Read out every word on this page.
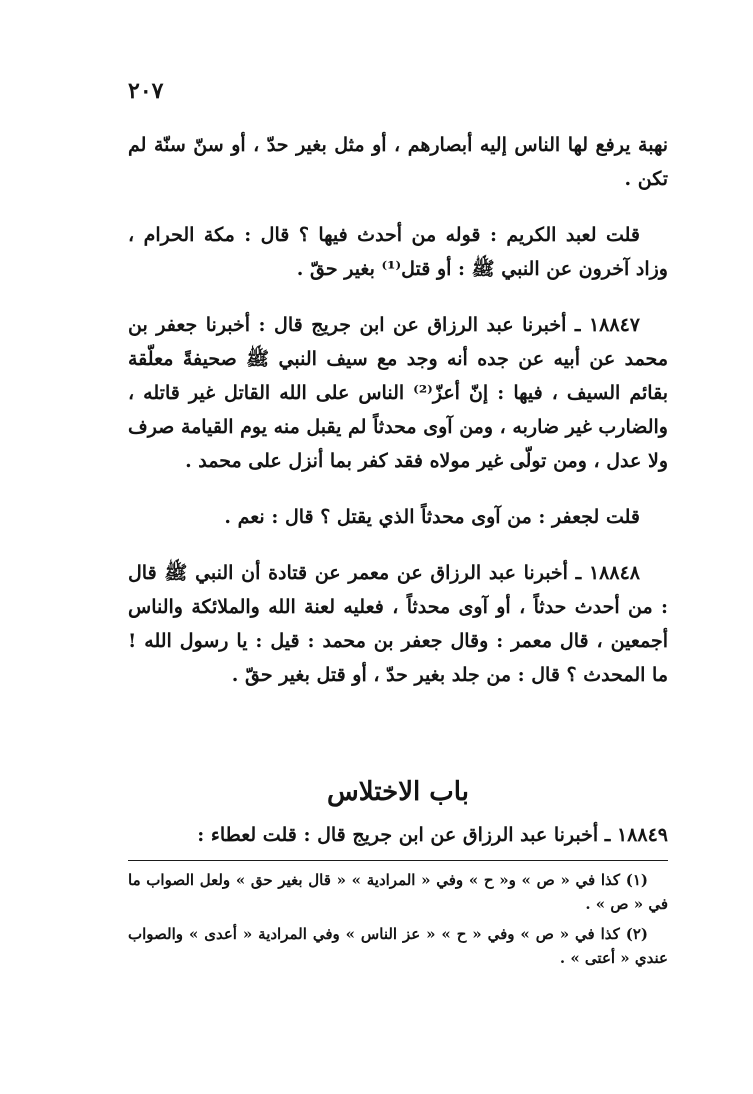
٢٠٧

نهبة يرفع لها الناس إليه أبصارهم ، أو مثل بغير حدّ ، أو سنّ سنّة لم تكن .

قلت لعبد الكريم : قوله من أحدث فيها ؟ قال : مكة الحرام ، وزاد آخرون عن النبي ﷺ : أو قتل⁽¹⁾ بغير حقّ .

١٨٨٤٧ ـ أخبرنا عبد الرزاق عن ابن جريج قال : أخبرنا جعفر بن محمد عن أبيه عن جده أنه وجد مع سيف النبي ﷺ صحيفةً معلّقة بقائم السيف ، فيها : إنّ أعزّ⁽²⁾ الناس على الله القاتل غير قاتله ، والضارب غير ضاربه ، ومن آوى محدثاً لم يقبل منه يوم القيامة صرف ولا عدل ، ومن تولّى غير مولاه فقد كفر بما أنزل على محمد .

قلت لجعفر : من آوى محدثاً الذي يقتل ؟ قال : نعم .

١٨٨٤٨ ـ أخبرنا عبد الرزاق عن معمر عن قتادة أن النبي ﷺ قال : من أحدث حدثاً ، أو آوى محدثاً ، فعليه لعنة الله والملائكة والناس أجمعين ، قال معمر : وقال جعفر بن محمد : قيل : يا رسول الله ! ما المحدث ؟ قال : من جلد بغير حدّ ، أو قتل بغير حقّ .

باب الاختلاس
١٨٨٤٩ ـ أخبرنا عبد الرزاق عن ابن جريج قال : قلت لعطاء :

(١) كذا في « ص » و« ح » وفي « المرادية » « قال بغير حق » ولعل الصواب ما في « ص » .

(٢) كذا في « ص » وفي « ح » « عز الناس » وفي المرادية « أعدى » والصواب عندي « أعتى » .
